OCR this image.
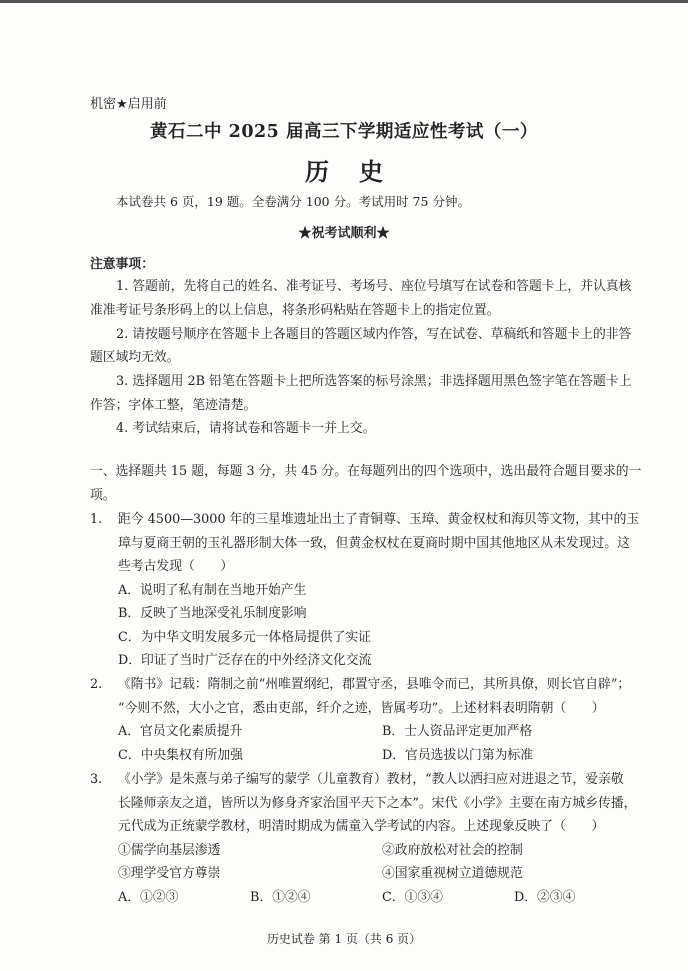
机密★启用前
黄石二中 2025 届高三下学期适应性考试（一）
历史
本试卷共 6 页，19 题。全卷满分 100 分。考试用时 75 分钟。
★祝考试顺利★
注意事项：
1. 答题前，先将自己的姓名、准考证号、考场号、座位号填写在试卷和答题卡上，并认真核
准准考证号条形码上的以上信息，将条形码粘贴在答题卡上的指定位置。
2. 请按题号顺序在答题卡上各题目的答题区域内作答，写在试卷、草稿纸和答题卡上的非答
题区域均无效。
3. 选择题用 2B 铅笔在答题卡上把所选答案的标号涂黑；非选择题用黑色签字笔在答题卡上
作答；字体工整，笔迹清楚。
4. 考试结束后，请将试卷和答题卡一并上交。
一、选择题共 15 题，每题 3 分，共 45 分。在每题列出的四个选项中，选出最符合题目要求的一
项。
1. 距今 4500—3000 年的三星堆遗址出土了青铜尊、玉璋、黄金权杖和海贝等文物，其中的玉
璋与夏商王朝的玉礼器形制大体一致，但黄金权杖在夏商时期中国其他地区从未发现过。这
些考古发现（　　）
A．说明了私有制在当地开始产生
B．反映了当地深受礼乐制度影响
C．为中华文明发展多元一体格局提供了实证
D．印证了当时广泛存在的中外经济文化交流
2. 《隋书》记载：隋制之前“州唯置纲纪，郡置守丞，县唯令而已，其所具僚，则长官自辟”；
“今则不然，大小之官，悉由吏部，纤介之迹，皆属考功”。上述材料表明隋朝（　　）
A．官员文化素质提升	B．士人资品评定更加严格
C．中央集权有所加强	D．官员选拔以门第为标准
3. 《小学》是朱熹与弟子编写的蒙学（儿童教育）教材，“教人以洒扫应对进退之节，爱亲敬
长隆师亲友之道，皆所以为修身齐家治国平天下之本”。宋代《小学》主要在南方城乡传播，
元代成为正统蒙学教材，明清时期成为儒童入学考试的内容。上述现象反映了（　　）
①儒学向基层渗透	②政府放松对社会的控制
③理学受官方尊崇	④国家重视树立道德规范
A．①②③	B．①②④	C．①③④	D．②③④
历史试卷 第 1 页（共 6 页）
